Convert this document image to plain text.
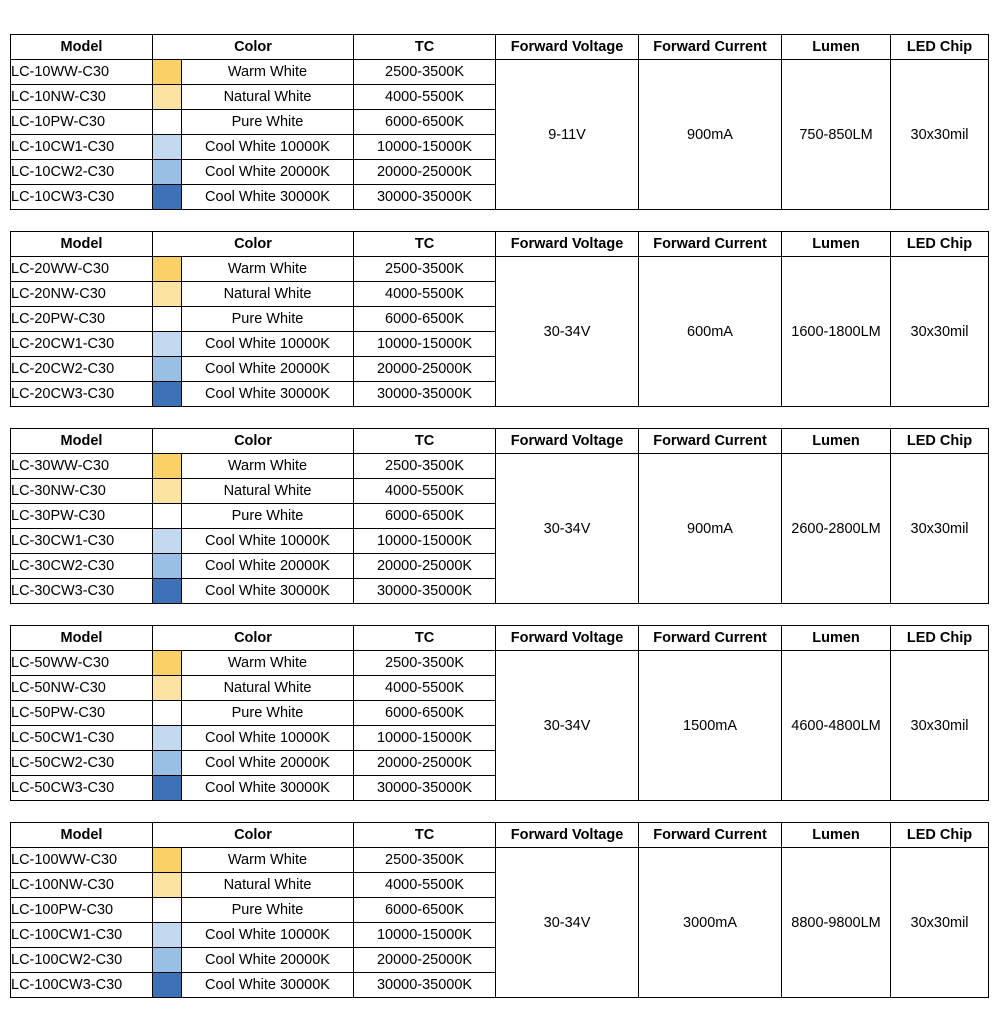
Model	Color		TC	Forward Voltage	Forward Current	Lumen	LED Chip
LC-10WW-C30		Warm White	2500-3500K	9-11V	900mA	750-850LM	30x30mil
LC-10NW-C30		Natural White	4000-5500K				
LC-10PW-C30		Pure White	6000-6500K				
LC-10CW1-C30		Cool White 10000K	10000-15000K				
LC-10CW2-C30		Cool White 20000K	20000-25000K				
LC-10CW3-C30		Cool White 30000K	30000-35000K				
Model	Color		TC	Forward Voltage	Forward Current	Lumen	LED Chip
LC-20WW-C30		Warm White	2500-3500K	30-34V	600mA	1600-1800LM	30x30mil
LC-20NW-C30		Natural White	4000-5500K				
LC-20PW-C30		Pure White	6000-6500K				
LC-20CW1-C30		Cool White 10000K	10000-15000K				
LC-20CW2-C30		Cool White 20000K	20000-25000K				
LC-20CW3-C30		Cool White 30000K	30000-35000K				
Model	Color		TC	Forward Voltage	Forward Current	Lumen	LED Chip
LC-30WW-C30		Warm White	2500-3500K	30-34V	900mA	2600-2800LM	30x30mil
LC-30NW-C30		Natural White	4000-5500K				
LC-30PW-C30		Pure White	6000-6500K				
LC-30CW1-C30		Cool White 10000K	10000-15000K				
LC-30CW2-C30		Cool White 20000K	20000-25000K				
LC-30CW3-C30		Cool White 30000K	30000-35000K				
Model	Color		TC	Forward Voltage	Forward Current	Lumen	LED Chip
LC-50WW-C30		Warm White	2500-3500K	30-34V	1500mA	4600-4800LM	30x30mil
LC-50NW-C30		Natural White	4000-5500K				
LC-50PW-C30		Pure White	6000-6500K				
LC-50CW1-C30		Cool White 10000K	10000-15000K				
LC-50CW2-C30		Cool White 20000K	20000-25000K				
LC-50CW3-C30		Cool White 30000K	30000-35000K				
Model	Color		TC	Forward Voltage	Forward Current	Lumen	LED Chip
LC-100WW-C30		Warm White	2500-3500K	30-34V	3000mA	8800-9800LM	30x30mil
LC-100NW-C30		Natural White	4000-5500K				
LC-100PW-C30		Pure White	6000-6500K				
LC-100CW1-C30		Cool White 10000K	10000-15000K				
LC-100CW2-C30		Cool White 20000K	20000-25000K				
LC-100CW3-C30		Cool White 30000K	30000-35000K				
